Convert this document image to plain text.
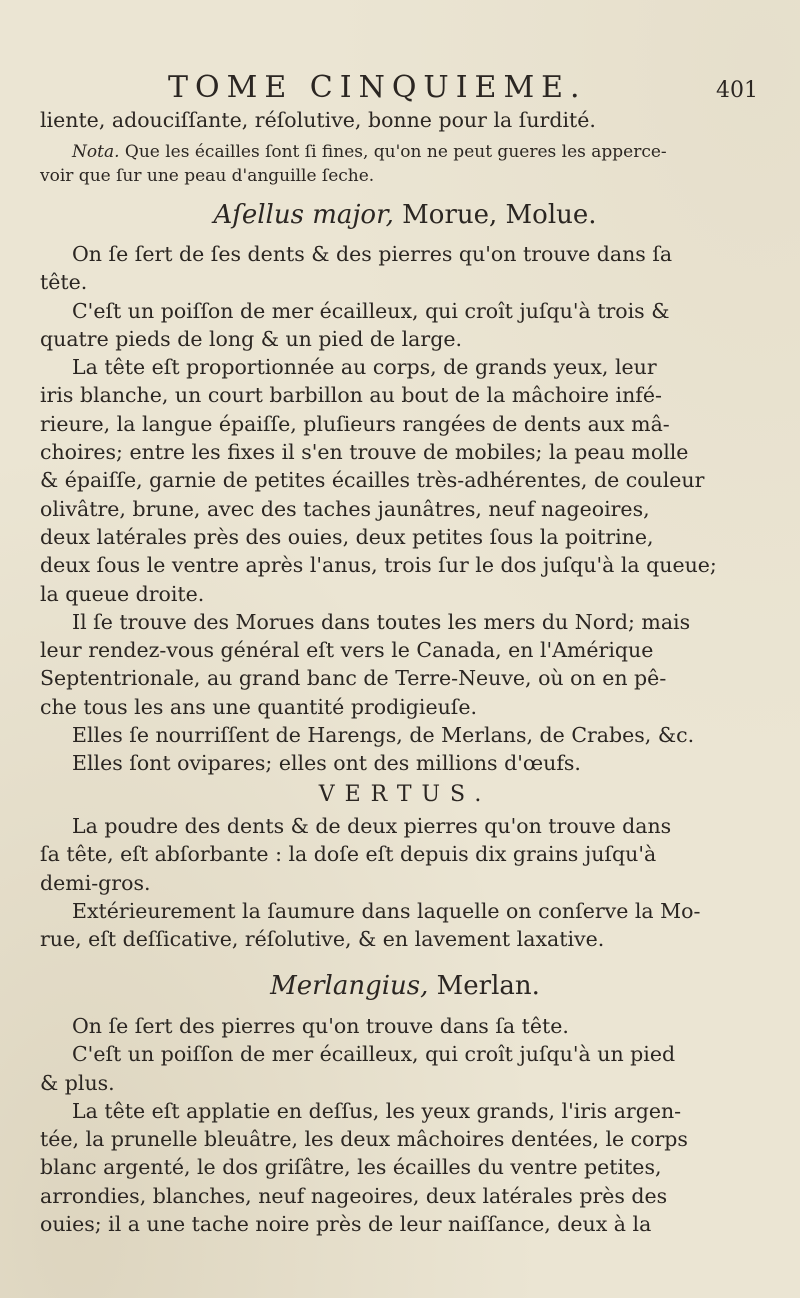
TOME CINQUIEME.	401
liente, adouciſſante, réſolutive, bonne pour la ſurdité.
Nota. Que les écailles ſont ſi fines, qu'on ne peut gueres les apperce-
voir que ſur une peau d'anguille ſeche.
Aſellus major, Morue, Molue.
On ſe ſert de ſes dents & des pierres qu'on trouve dans ſa
tête.
C'eſt un poiſſon de mer écailleux, qui croît juſqu'à trois &
quatre pieds de long & un pied de large.
La tête eſt proportionnée au corps, de grands yeux, leur
iris blanche, un court barbillon au bout de la mâchoire infé-
rieure, la langue épaiſſe, pluſieurs rangées de dents aux mâ-
choires; entre les fixes il s'en trouve de mobiles; la peau molle
& épaiſſe, garnie de petites écailles très-adhérentes, de couleur
olivâtre, brune, avec des taches jaunâtres, neuf nageoires,
deux latérales près des ouies, deux petites ſous la poitrine,
deux ſous le ventre après l'anus, trois ſur le dos juſqu'à la queue;
la queue droite.
Il ſe trouve des Morues dans toutes les mers du Nord; mais
leur rendez-vous général eſt vers le Canada, en l'Amérique
Septentrionale, au grand banc de Terre-Neuve, où on en pê-
che tous les ans une quantité prodigieuſe.
Elles ſe nourriſſent de Harengs, de Merlans, de Crabes, &c.
Elles ſont ovipares; elles ont des millions d'œufs.
VERTUS.
La poudre des dents & de deux pierres qu'on trouve dans
ſa tête, eſt abſorbante : la doſe eſt depuis dix grains juſqu'à
demi-gros.
Extérieurement la ſaumure dans laquelle on conſerve la Mo-
rue, eſt deſſicative, réſolutive, & en lavement laxative.
Merlangius, Merlan.
On ſe ſert des pierres qu'on trouve dans ſa tête.
C'eſt un poiſſon de mer écailleux, qui croît juſqu'à un pied
& plus.
La tête eſt applatie en deſſus, les yeux grands, l'iris argen-
tée, la prunelle bleuâtre, les deux mâchoires dentées, le corps
blanc argenté, le dos griſâtre, les écailles du ventre petites,
arrondies, blanches, neuf nageoires, deux latérales près des
ouies; il a une tache noire près de leur naiſſance, deux à la
